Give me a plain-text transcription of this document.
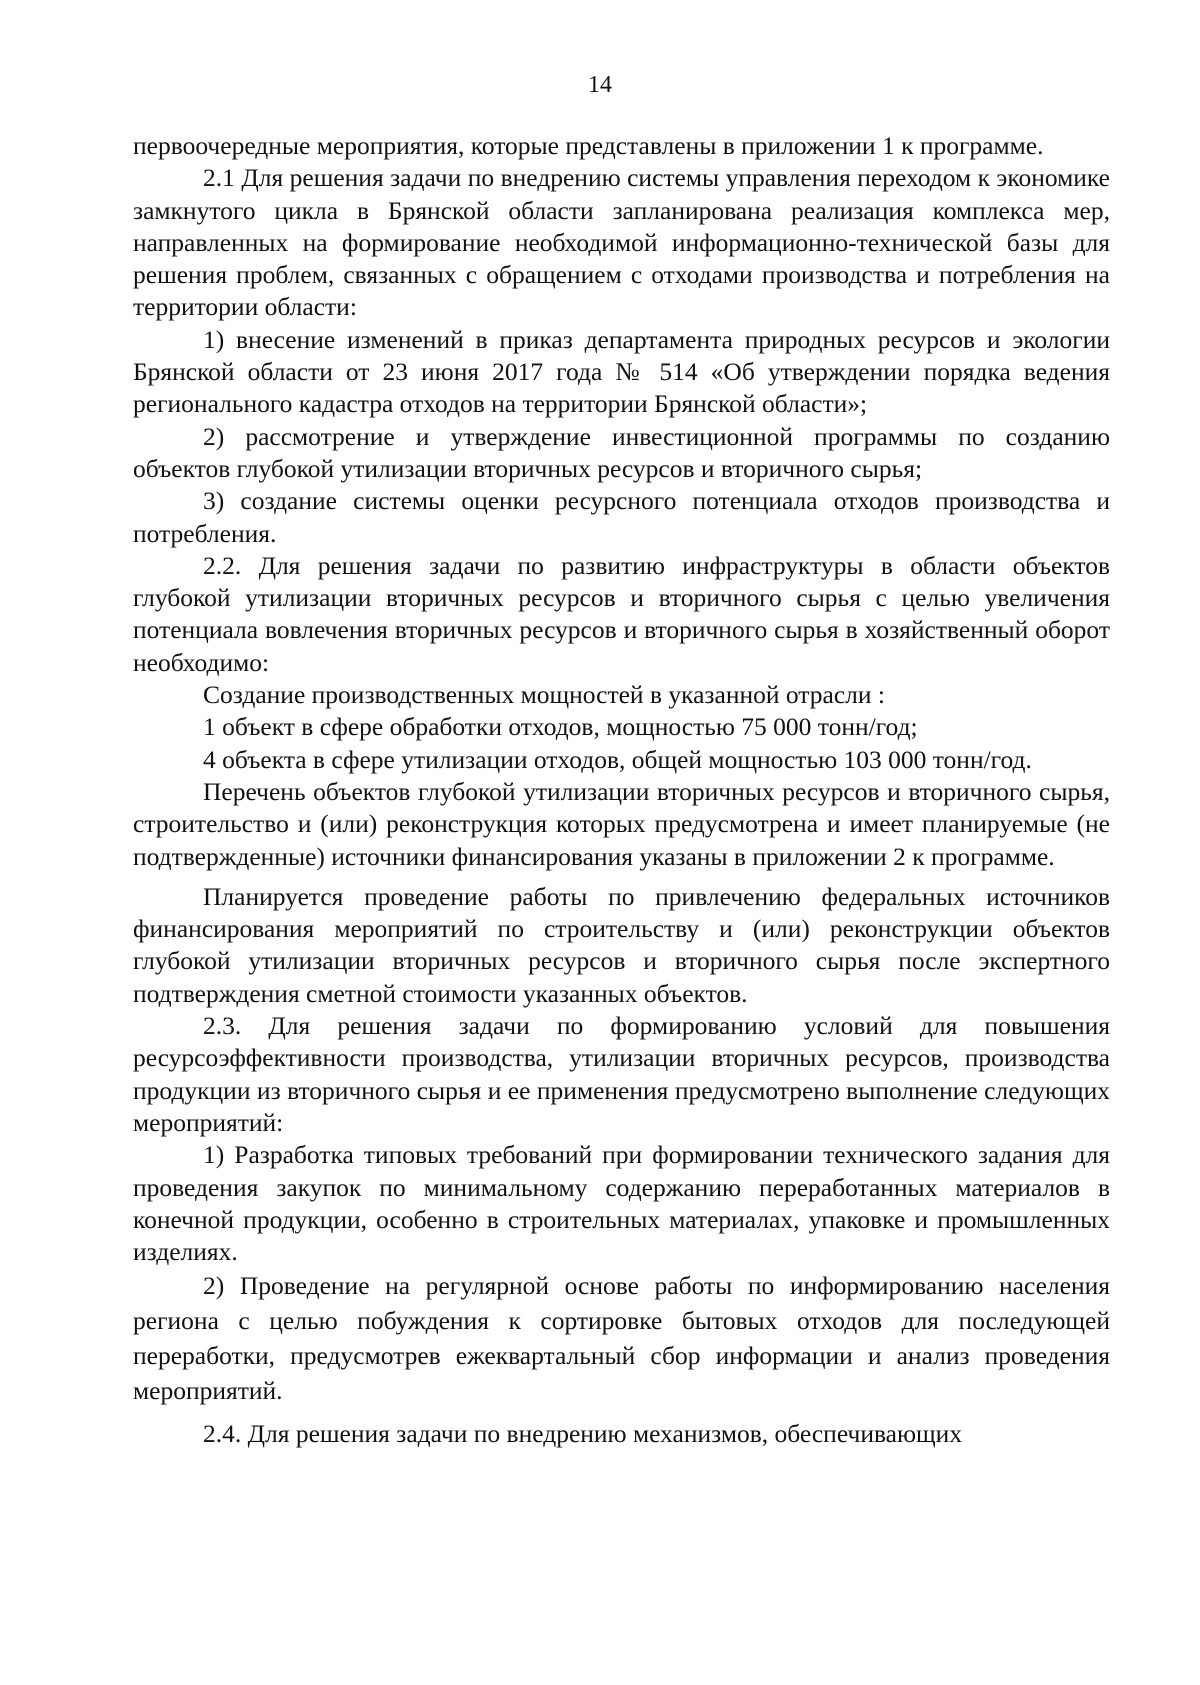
14

первоочередные мероприятия, которые представлены в приложении 1 к программе.

2.1 Для решения задачи по внедрению системы управления переходом к экономике замкнутого цикла в Брянской области запланирована реализация комплекса мер, направленных на формирование необходимой информационно-технической базы для решения проблем, связанных с обращением с отходами производства и потребления на территории области:

1) внесение изменений в приказ департамента природных ресурсов и экологии Брянской области от 23 июня 2017 года № 514 «Об утверждении порядка ведения регионального кадастра отходов на территории Брянской области»;

2) рассмотрение и утверждение инвестиционной программы по созданию объектов глубокой утилизации вторичных ресурсов и вторичного сырья;

3) создание системы оценки ресурсного потенциала отходов производства и потребления.

2.2. Для решения задачи по развитию инфраструктуры в области объектов глубокой утилизации вторичных ресурсов и вторичного сырья с целью увеличения потенциала вовлечения вторичных ресурсов и вторичного сырья в хозяйственный оборот необходимо:

Создание производственных мощностей в указанной отрасли :

1 объект в сфере обработки отходов, мощностью 75 000 тонн/год;

4 объекта в сфере утилизации отходов, общей мощностью 103 000 тонн/год.

Перечень объектов глубокой утилизации вторичных ресурсов и вторичного сырья, строительство и (или) реконструкция которых предусмотрена и имеет планируемые (не подтвержденные) источники финансирования указаны в приложении 2 к программе.

Планируется проведение работы по привлечению федеральных источников финансирования мероприятий по строительству и (или) реконструкции объектов глубокой утилизации вторичных ресурсов и вторичного сырья после экспертного подтверждения сметной стоимости указанных объектов.

2.3. Для решения задачи по формированию условий для повышения ресурсоэффективности производства, утилизации вторичных ресурсов, производства продукции из вторичного сырья и ее применения предусмотрено выполнение следующих мероприятий:

1) Разработка типовых требований при формировании технического задания для проведения закупок по минимальному содержанию переработанных материалов в конечной продукции, особенно в строительных материалах, упаковке и промышленных изделиях.

2) Проведение на регулярной основе работы по информированию населения региона с целью побуждения к сортировке бытовых отходов для последующей переработки, предусмотрев ежеквартальный сбор информации и анализ проведения мероприятий.

2.4. Для решения задачи по внедрению механизмов, обеспечивающих
